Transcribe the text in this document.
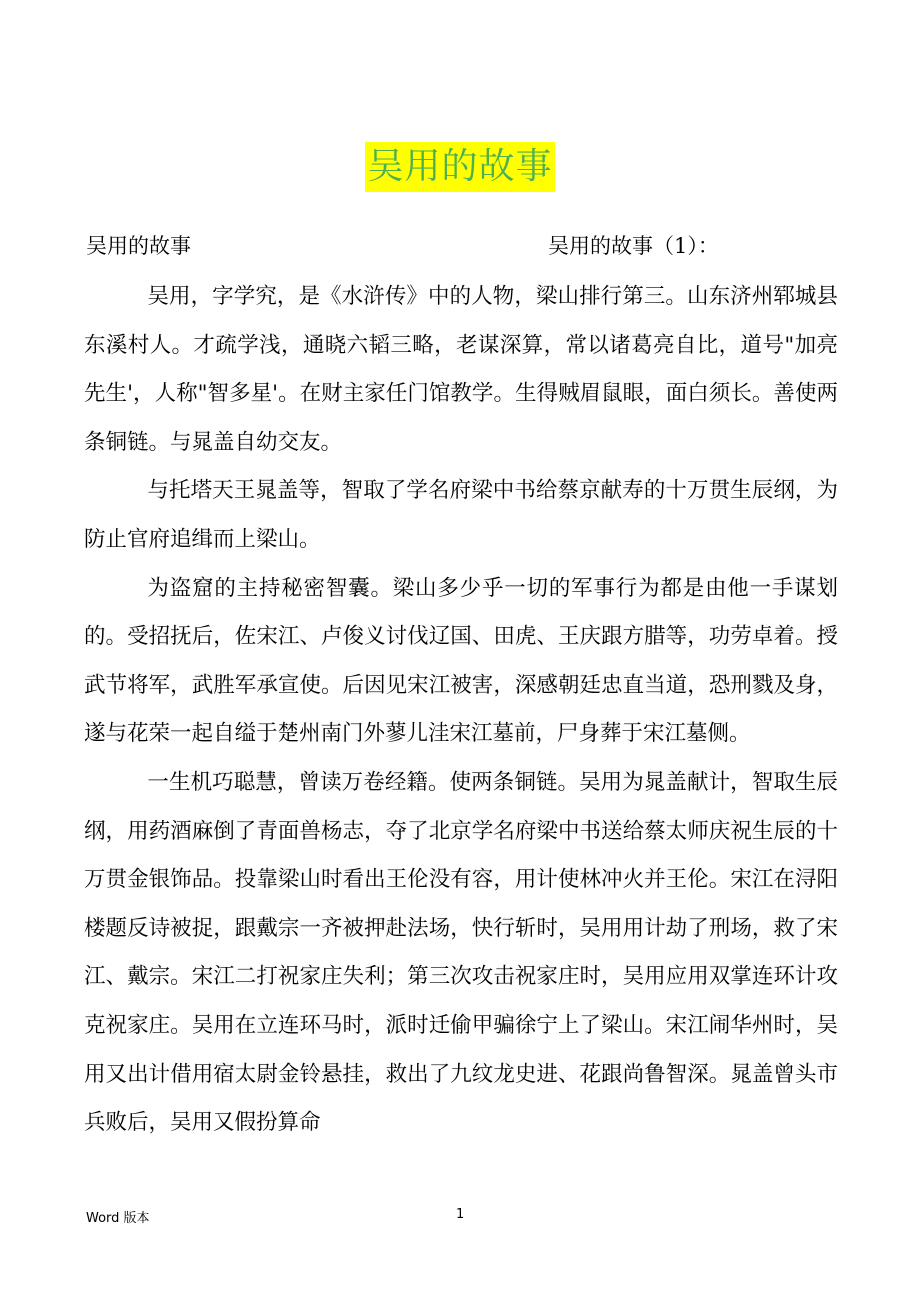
吴用的故事
吴用的故事	吴用的故事（1）：

吴用，字学究，是《水浒传》中的人物，梁山排行第三。山东济州郓城县东溪村人。才疏学浅，通晓六韬三略，老谋深算，常以诸葛亮自比，道号"加亮先生'，人称"智多星'。在财主家任门馆教学。生得贼眉鼠眼，面白须长。善使两条铜链。与晁盖自幼交友。

与托塔天王晁盖等，智取了学名府梁中书给蔡京献寿的十万贯生辰纲，为防止官府追缉而上梁山。

为盗窟的主持秘密智囊。梁山多少乎一切的军事行为都是由他一手谋划的。受招抚后，佐宋江、卢俊义讨伐辽国、田虎、王庆跟方腊等，功劳卓着。授武节将军，武胜军承宣使。后因见宋江被害，深感朝廷忠直当道，恐刑戮及身，遂与花荣一起自缢于楚州南门外蓼儿洼宋江墓前，尸身葬于宋江墓侧。

一生机巧聪慧，曾读万卷经籍。使两条铜链。吴用为晁盖献计，智取生辰纲，用药酒麻倒了青面兽杨志，夺了北京学名府梁中书送给蔡太师庆祝生辰的十万贯金银饰品。投靠梁山时看出王伦没有容，用计使林冲火并王伦。宋江在浔阳楼题反诗被捉，跟戴宗一齐被押赴法场，快行斩时，吴用用计劫了刑场，救了宋江、戴宗。宋江二打祝家庄失利；第三次攻击祝家庄时，吴用应用双掌连环计攻克祝家庄。吴用在立连环马时，派时迁偷甲骗徐宁上了梁山。宋江闹华州时，吴用又出计借用宿太尉金铃悬挂，救出了九纹龙史进、花跟尚鲁智深。晁盖曾头市兵败后，吴用又假扮算命

Word 版本	1
